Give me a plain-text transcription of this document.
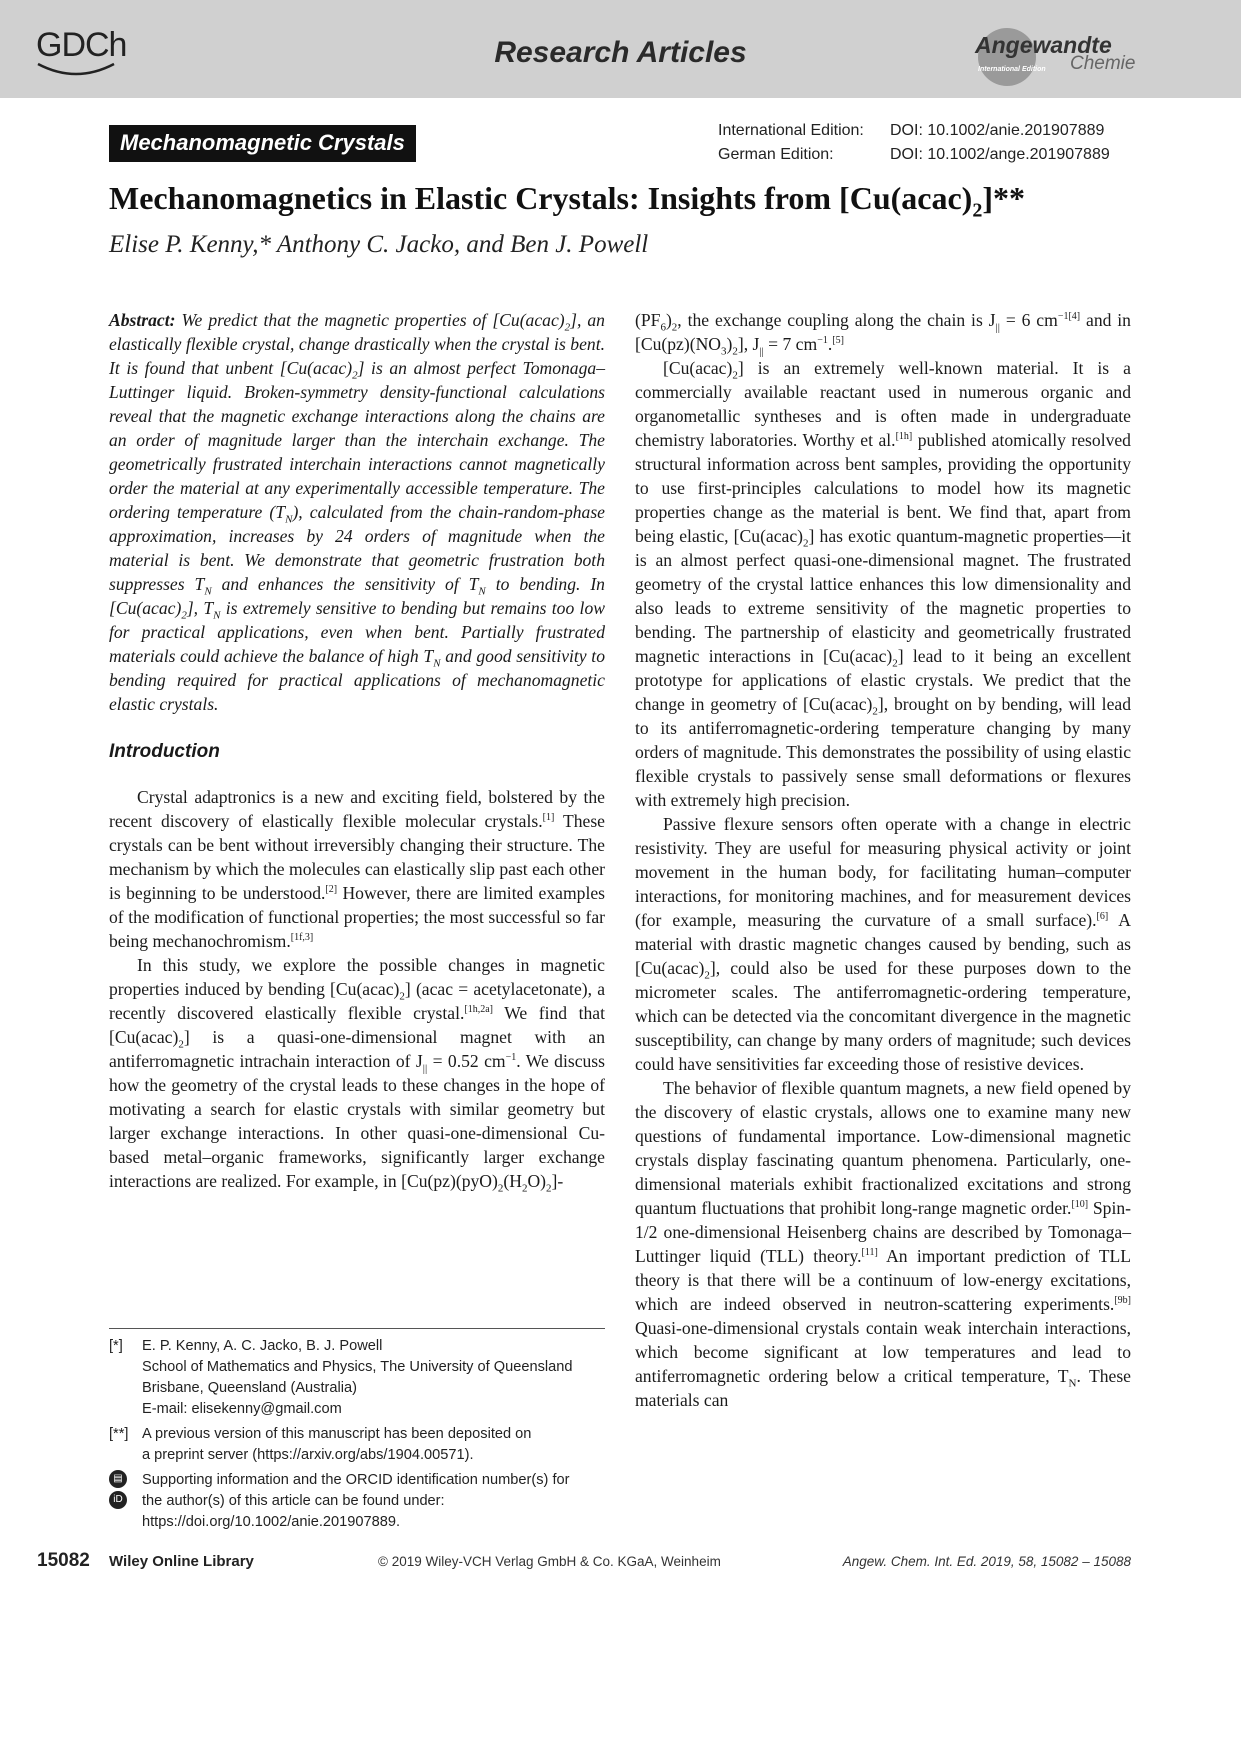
GDCh	Research Articles	Angewandte
Chemie
International Edition
Mechanomagnetic Crystals	International Edition:	DOI: 10.1002/anie.201907889
German Edition:	DOI: 10.1002/ange.201907889
Mechanomagnetics in Elastic Crystals: Insights from $[Cu(acac)_2]**$
Elise P. Kenny,* Anthony C. Jacko, and Ben J. Powell

Abstract: We predict that the magnetic properties of $[Cu(acac)_2]$, an elastically flexible crystal, change drastically when the crystal is bent. It is found that unbent $[Cu(acac)_2]$ is an almost perfect Tomonaga–Luttinger liquid. Broken-symmetry density-functional calculations reveal that the magnetic exchange interactions along the chains are an order of magnitude larger than the interchain exchange. The geometrically frustrated interchain interactions cannot magnetically order the material at any experimentally accessible temperature. The ordering temperature $(T_N)$, calculated from the chain-random-phase approximation, increases by 24 orders of magnitude when the material is bent. We demonstrate that geometric frustration both suppresses $T_N$ and enhances the sensitivity of $T_N$ to bending. In $[Cu(acac)_2]$, $T_N$ is extremely sensitive to bending but remains too low for practical applications, even when bent. Partially frustrated materials could achieve the balance of high $T_N$ and good sensitivity to bending required for practical applications of mechanomagnetic elastic crystals.

Introduction

Crystal adaptronics is a new and exciting field, bolstered by the recent discovery of elastically flexible molecular crystals.[1] These crystals can be bent without irreversibly changing their structure. The mechanism by which the molecules can elastically slip past each other is beginning to be understood.[2] However, there are limited examples of the modification of functional properties; the most successful so far being mechanochromism.[1f,3]

In this study, we explore the possible changes in magnetic properties induced by bending $[Cu(acac)_2]$ (acac = acetylacetonate), a recently discovered elastically flexible crystal.[1h,2a] We find that $[Cu(acac)_2]$ is a quasi-one-dimensional magnet with an antiferromagnetic intrachain interaction of $J_{||} = 0.52$ $cm^{-1}$. We discuss how the geometry of the crystal leads to these changes in the hope of motivating a search for elastic crystals with similar geometry but larger exchange interactions. In other quasi-one-dimensional Cu-based metal–organic frameworks, significantly larger exchange interactions are realized. For example, in $[Cu(pz)(pyO)_2(H_2O)_2]-$

$(PF_6)_2$, the exchange coupling along the chain is $J_{||} = 6$ $cm^{-1[4]}$ and in $[Cu(pz)(NO_3)_2]$, $J_{||} = 7$ $cm^{-1}.[5]$

$[Cu(acac)_2]$ is an extremely well-known material. It is a commercially available reactant used in numerous organic and organometallic syntheses and is often made in undergraduate chemistry laboratories. Worthy et al.[1h] published atomically resolved structural information across bent samples, providing the opportunity to use first-principles calculations to model how its magnetic properties change as the material is bent. We find that, apart from being elastic, $[Cu(acac)_2]$ has exotic quantum-magnetic properties—it is an almost perfect quasi-one-dimensional magnet. The frustrated geometry of the crystal lattice enhances this low dimensionality and also leads to extreme sensitivity of the magnetic properties to bending. The partnership of elasticity and geometrically frustrated magnetic interactions in $[Cu(acac)_2]$ lead to it being an excellent prototype for applications of elastic crystals. We predict that the change in geometry of $[Cu(acac)_2]$, brought on by bending, will lead to its antiferromagnetic-ordering temperature changing by many orders of magnitude. This demonstrates the possibility of using elastic flexible crystals to passively sense small deformations or flexures with extremely high precision.

Passive flexure sensors often operate with a change in electric resistivity. They are useful for measuring physical activity or joint movement in the human body, for facilitating human–computer interactions, for monitoring machines, and for measurement devices (for example, measuring the curvature of a small surface).[6] A material with drastic magnetic changes caused by bending, such as $[Cu(acac)_2]$, could also be used for these purposes down to the micrometer scales. The antiferromagnetic-ordering temperature, which can be detected via the concomitant divergence in the magnetic susceptibility, can change by many orders of magnitude; such devices could have sensitivities far exceeding those of resistive devices.

The behavior of flexible quantum magnets, a new field opened by the discovery of elastic crystals, allows one to examine many new questions of fundamental importance. Low-dimensional magnetic crystals display fascinating quantum phenomena. Particularly, one-dimensional materials exhibit fractionalized excitations and strong quantum fluctuations that prohibit long-range magnetic order.[10] Spin-1/2 one-dimensional Heisenberg chains are described by Tomonaga–Luttinger liquid (TLL) theory.[11] An important prediction of TLL theory is that there will be a continuum of low-energy excitations, which are indeed observed in neutron-scattering experiments.[9b] Quasi-one-dimensional crystals contain weak interchain interactions, which become significant at low temperatures and lead to antiferromagnetic ordering below a critical temperature, $T_N$. These materials can

[*]	E. P. Kenny, A. C. Jacko, B. J. Powell
School of Mathematics and Physics, The University of Queensland
Brisbane, Queensland (Australia)
E-mail: elisekenny@gmail.com
[**] A previous version of this manuscript has been deposited on
a preprint server (https://arxiv.org/abs/1904.00571).
▤
iD
Supporting information and the ORCID identification number(s) for
the author(s) of this article can be found under:
https://doi.org/10.1002/anie.201907889.
15082 Wiley Online Library	© 2019 Wiley-VCH Verlag GmbH & Co. KGaA, Weinheim	Angew. Chem. Int. Ed. 2019, 58, 15082 – 15088
